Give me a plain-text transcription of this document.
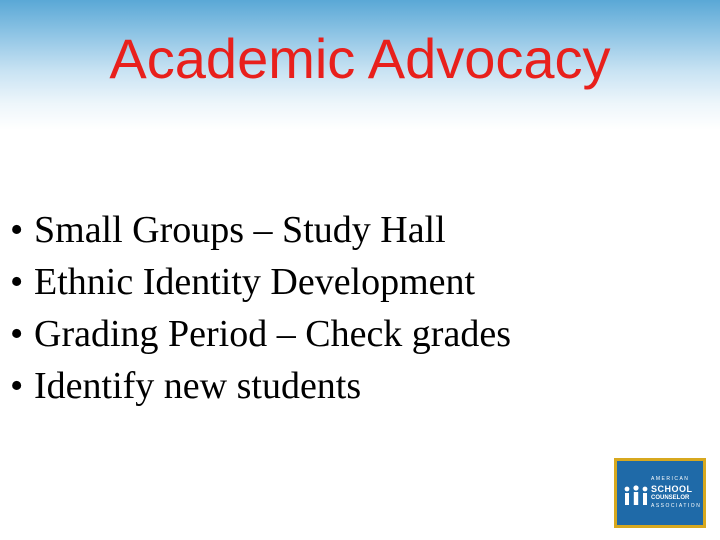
Academic Advocacy
• Small Groups – Study Hall
• Ethnic Identity Development
• Grading Period – Check grades
• Identify new students
AMERICAN
SCHOOL
COUNSELOR
ASSOCIATION
